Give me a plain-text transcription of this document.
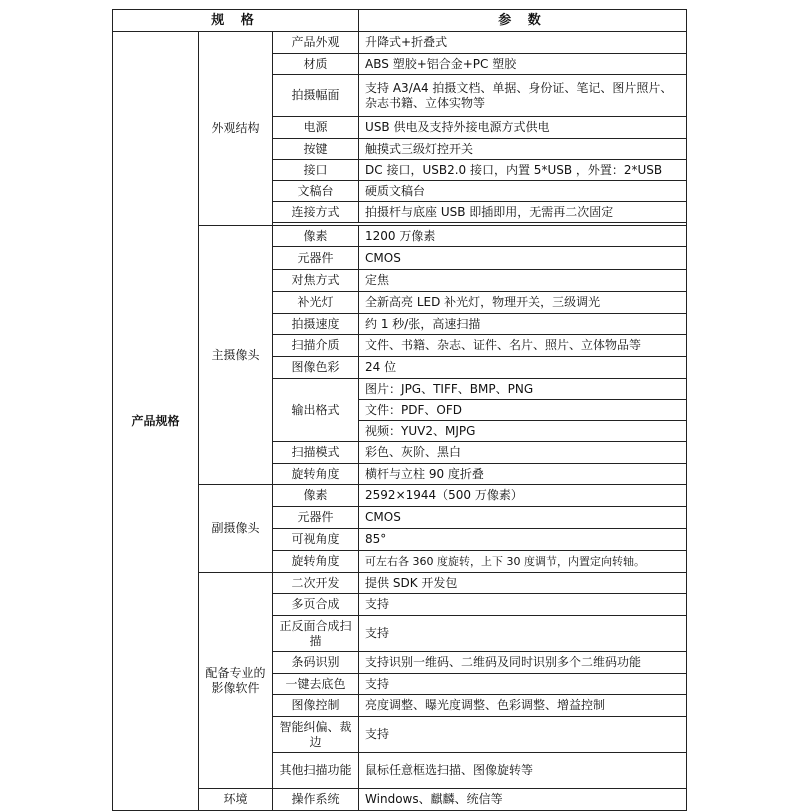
规 格			参 数
产品规格	外观结构	产品外观	升降式+折叠式
		材质	ABS 塑胶+铝合金+PC 塑胶
		拍摄幅面	支持 A3/A4 拍摄文档、单据、身份证、笔记、图片照片、杂志书籍、立体实物等
		电源	USB 供电及支持外接电源方式供电
		按键	触摸式三级灯控开关
		接口	DC 接口，USB2.0 接口，内置 5*USB ，外置：2*USB
		文稿台	硬质文稿台
		连接方式	拍摄杆与底座 USB 即插即用，无需再二次固定

	主摄像头	像素	1200 万像素
		元器件	CMOS
		对焦方式	定焦
		补光灯	全新高亮 LED 补光灯，物理开关，三级调光
		拍摄速度	约 1 秒/张，高速扫描
		扫描介质	文件、书籍、杂志、证件、名片、照片、立体物品等
		图像色彩	24 位
		输出格式	图片：JPG、TIFF、BMP、PNG
			文件：PDF、OFD
			视频：YUV2、MJPG
		扫描模式	彩色、灰阶、黑白
		旋转角度	横杆与立柱 90 度折叠
	副摄像头	像素	2592×1944（500 万像素）
		元器件	CMOS
		可视角度	85°
		旋转角度	可左右各 360 度旋转，上下 30 度调节，内置定向转轴。
	配备专业的影像软件	二次开发	提供 SDK 开发包
		多页合成	支持
		正反面合成扫描	支持
		条码识别	支持识别一维码、二维码及同时识别多个二维码功能
		一键去底色	支持
		图像控制	亮度调整、曝光度调整、色彩调整、增益控制
		智能纠偏、裁边	支持
		其他扫描功能	鼠标任意框选扫描、图像旋转等
	环境	操作系统	Windows、麒麟、统信等
